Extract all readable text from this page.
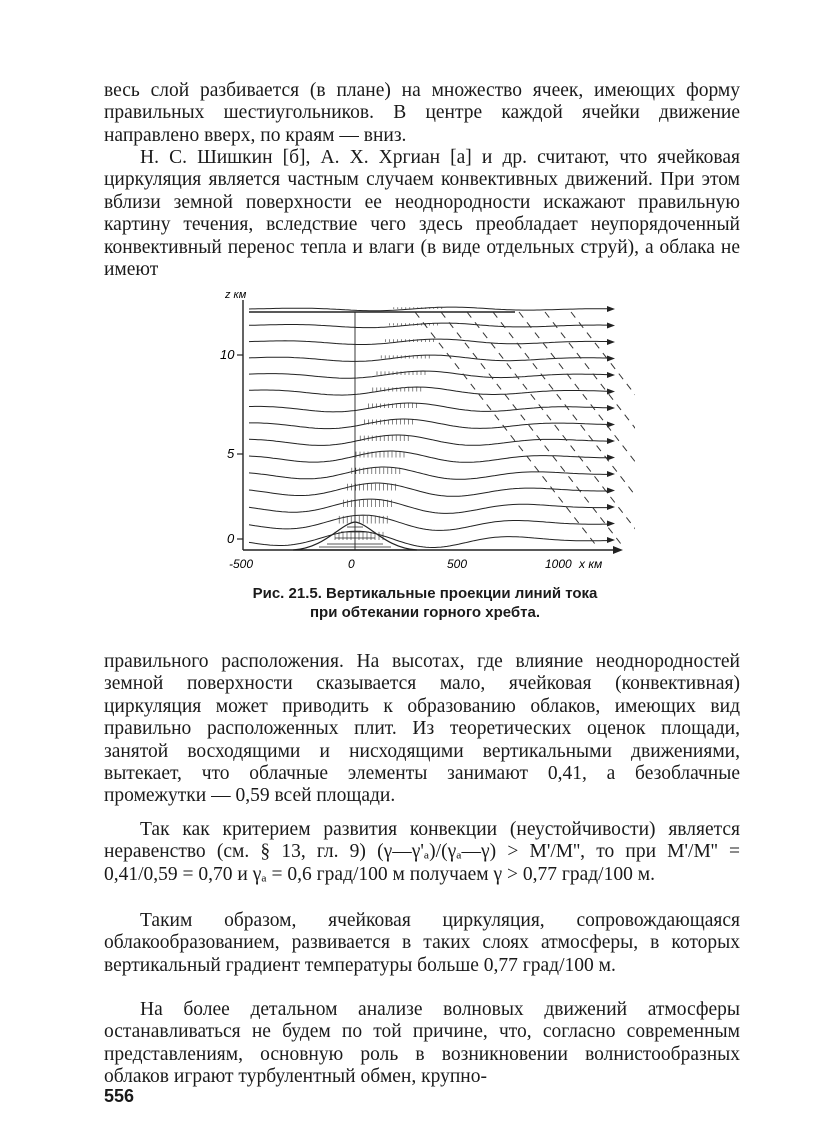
весь слой разбивается (в плане) на множество ячеек, имеющих форму правильных шестиугольников. В центре каждой ячейки движение направлено вверх, по краям — вниз.

Н. С. Шишкин [б], А. Х. Хргиан [а] и др. считают, что ячейковая циркуляция является частным случаем конвективных движений. При этом вблизи земной поверхности ее неоднородности искажают правильную картину течения, вследствие чего здесь преобладает неупорядоченный конвективный перенос тепла и влаги (в виде отдельных струй), а облака не имеют

z км
0
5
10
-500	0	500	1000 x км
Рис. 21.5. Вертикальные проекции линий тока
при обтекании горного хребта.

правильного расположения. На высотах, где влияние неоднородностей земной поверхности сказывается мало, ячейковая (конвективная) циркуляция может приводить к образованию облаков, имеющих вид правильно расположенных плит. Из теоретических оценок площади, занятой восходящими и нисходящими вертикальными движениями, вытекает, что облачные элементы занимают 0,41, а безоблачные промежутки — 0,59 всей площади.

Так как критерием развития конвекции (неустойчивости) является неравенство (см. § 13, гл. 9) (γ—γ'ₐ)/(γₐ—γ) > M'/M'', то при M'/M'' = 0,41/0,59 = 0,70 и γₐ = 0,6 град/100 м получаем γ > 0,77 град/100 м.

Таким образом, ячейковая циркуляция, сопровождающаяся облакообразованием, развивается в таких слоях атмосферы, в которых вертикальный градиент температуры больше 0,77 град/100 м.

На более детальном анализе волновых движений атмосферы останавливаться не будем по той причине, что, согласно современным представлениям, основную роль в возникновении волнистообразных облаков играют турбулентный обмен, крупно-

556
